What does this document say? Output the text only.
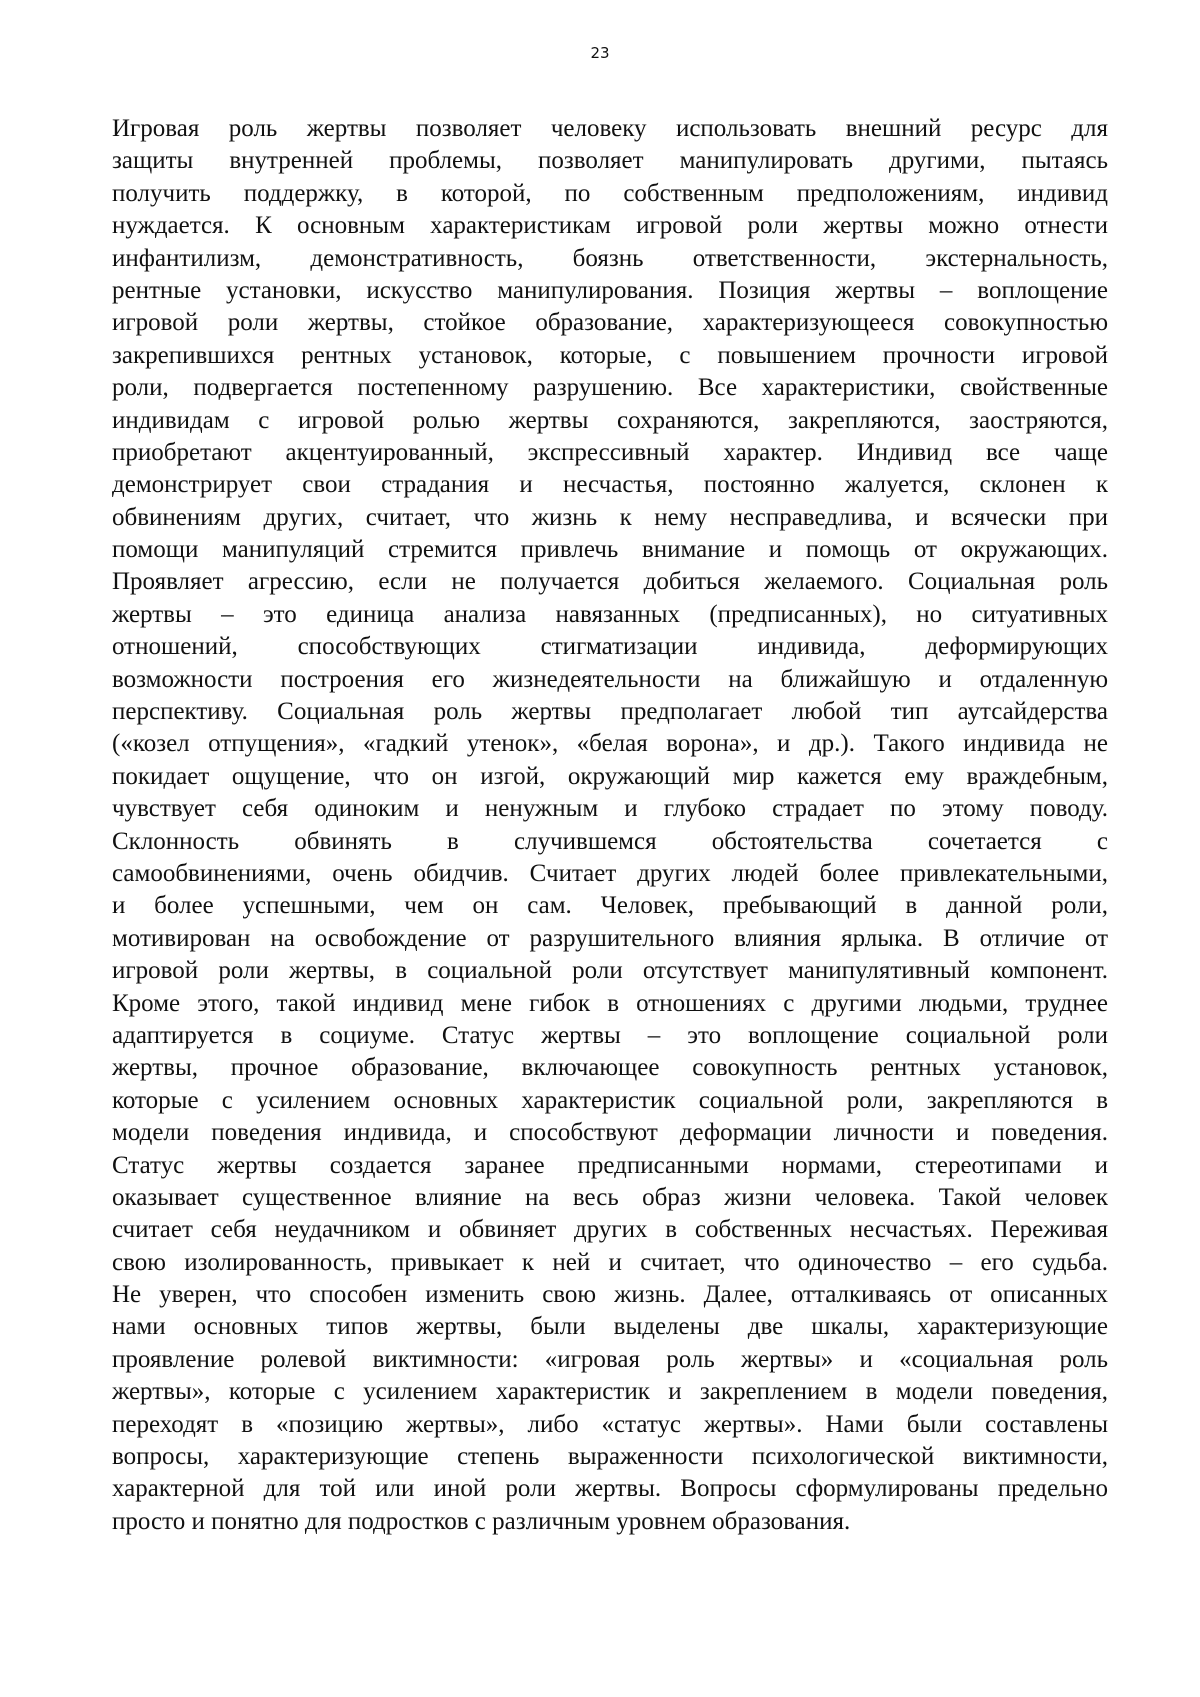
23
Игровая роль жертвы позволяет человеку использовать внешний ресурс для
защиты внутренней проблемы, позволяет манипулировать другими, пытаясь
получить поддержку, в которой, по собственным предположениям, индивид
нуждается. К основным характеристикам игровой роли жертвы можно отнести
инфантилизм, демонстративность, боязнь ответственности, экстернальность,
рентные установки, искусство манипулирования. Позиция жертвы – воплощение
игровой роли жертвы, стойкое образование, характеризующееся совокупностью
закрепившихся рентных установок, которые, с повышением прочности игровой
роли, подвергается постепенному разрушению. Все характеристики, свойственные
индивидам с игровой ролью жертвы сохраняются, закрепляются, заостряются,
приобретают акцентуированный, экспрессивный характер. Индивид все чаще
демонстрирует свои страдания и несчастья, постоянно жалуется, склонен к
обвинениям других, считает, что жизнь к нему несправедлива, и всячески при
помощи манипуляций стремится привлечь внимание и помощь от окружающих.
Проявляет агрессию, если не получается добиться желаемого. Социальная роль
жертвы – это единица анализа навязанных (предписанных), но ситуативных
отношений, способствующих стигматизации индивида, деформирующих
возможности построения его жизнедеятельности на ближайшую и отдаленную
перспективу. Социальная роль жертвы предполагает любой тип аутсайдерства
(«козел отпущения», «гадкий утенок», «белая ворона», и др.). Такого индивида не
покидает ощущение, что он изгой, окружающий мир кажется ему враждебным,
чувствует себя одиноким и ненужным и глубоко страдает по этому поводу.
Склонность обвинять в случившемся обстоятельства сочетается с
самообвинениями, очень обидчив. Считает других людей более привлекательными,
и более успешными, чем он сам. Человек, пребывающий в данной роли,
мотивирован на освобождение от разрушительного влияния ярлыка. В отличие от
игровой роли жертвы, в социальной роли отсутствует манипулятивный компонент.
Кроме этого, такой индивид мене гибок в отношениях с другими людьми, труднее
адаптируется в социуме. Статус жертвы – это воплощение социальной роли
жертвы, прочное образование, включающее совокупность рентных установок,
которые с усилением основных характеристик социальной роли, закрепляются в
модели поведения индивида, и способствуют деформации личности и поведения.
Статус жертвы создается заранее предписанными нормами, стереотипами и
оказывает существенное влияние на весь образ жизни человека. Такой человек
считает себя неудачником и обвиняет других в собственных несчастьях. Переживая
свою изолированность, привыкает к ней и считает, что одиночество – его судьба.
Не уверен, что способен изменить свою жизнь. Далее, отталкиваясь от описанных
нами основных типов жертвы, были выделены две шкалы, характеризующие
проявление ролевой виктимности: «игровая роль жертвы» и «социальная роль
жертвы», которые с усилением характеристик и закреплением в модели поведения,
переходят в «позицию жертвы», либо «статус жертвы». Нами были составлены
вопросы, характеризующие степень выраженности психологической виктимности,
характерной для той или иной роли жертвы. Вопросы сформулированы предельно
просто и понятно для подростков с различным уровнем образования.
